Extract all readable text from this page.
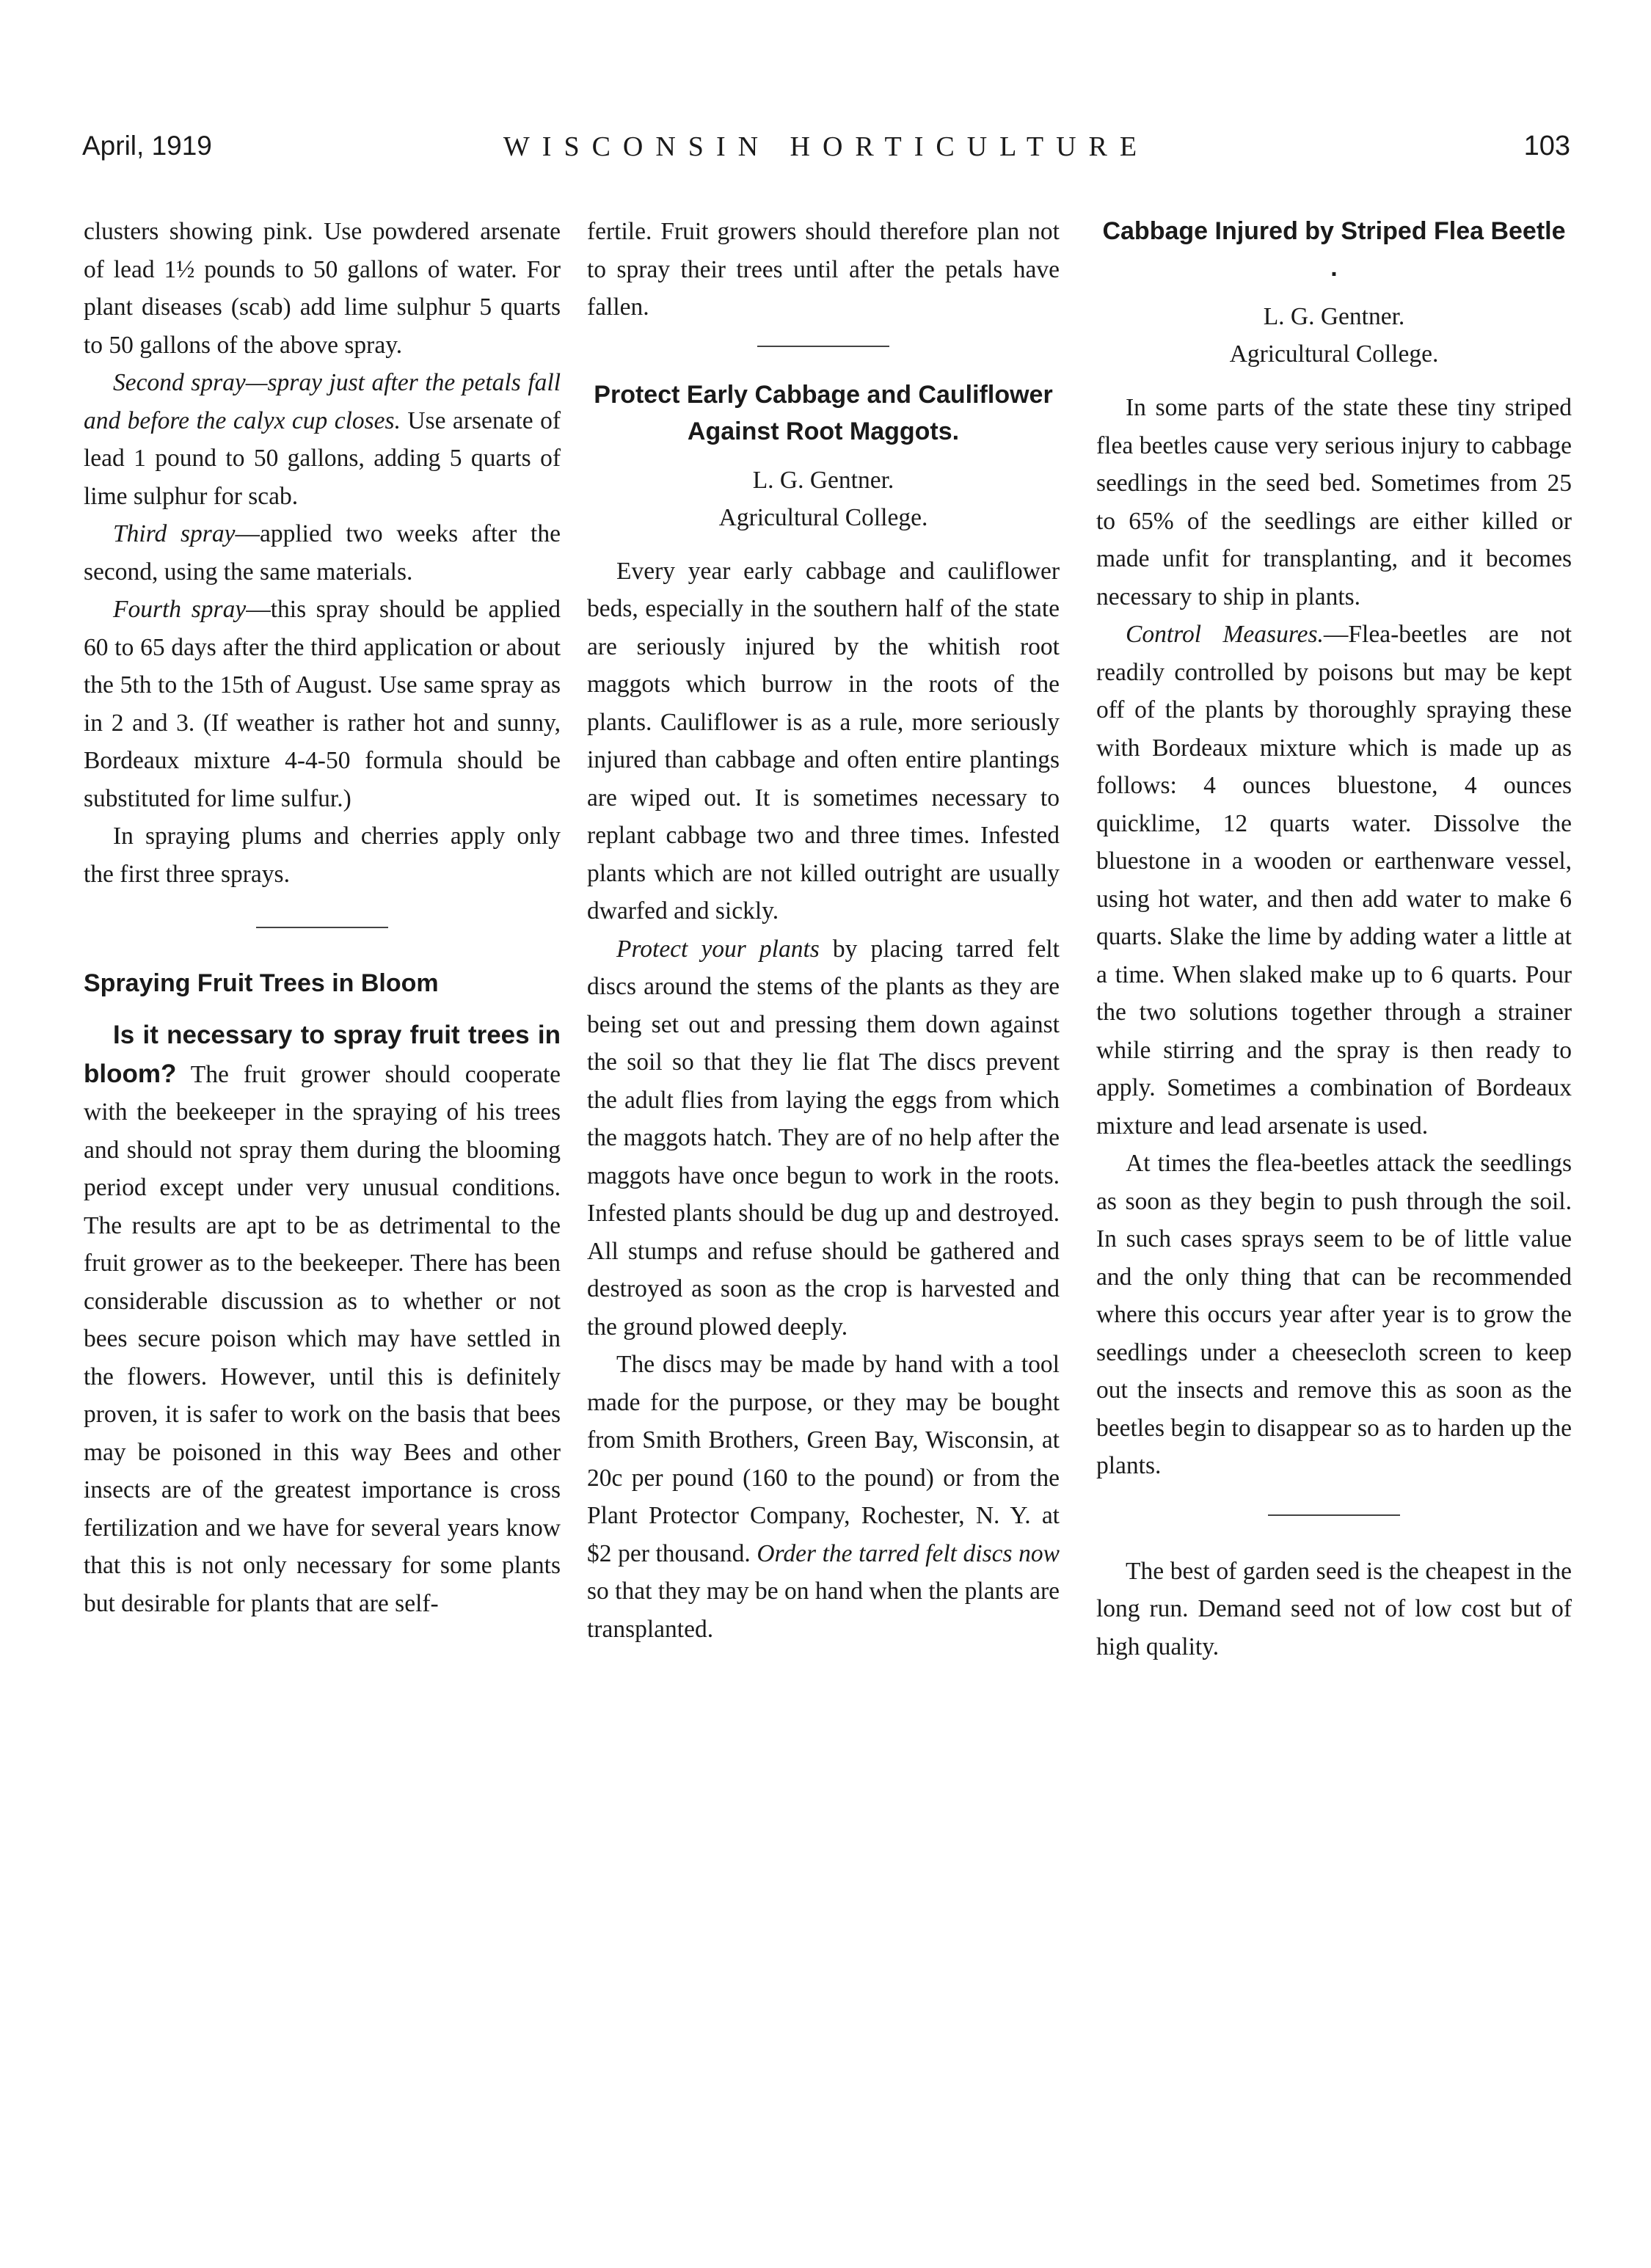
April, 1919	WISCONSIN HORTICULTURE	103

clusters showing pink. Use powdered arsenate of lead 1½ pounds to 50 gallons of water. For plant diseases (scab) add lime sulphur 5 quarts to 50 gallons of the above spray.

Second spray—spray just after the petals fall and before the calyx cup closes. Use arsenate of lead 1 pound to 50 gallons, adding 5 quarts of lime sulphur for scab.

Third spray—applied two weeks after the second, using the same materials.

Fourth spray—this spray should be applied 60 to 65 days after the third application or about the 5th to the 15th of August. Use same spray as in 2 and 3. (If weather is rather hot and sunny, Bordeaux mixture 4-4-50 formula should be substituted for lime sulfur.)

In spraying plums and cherries apply only the first three sprays.

Spraying Fruit Trees in Bloom

Is it necessary to spray fruit trees in bloom? The fruit grower should cooperate with the beekeeper in the spraying of his trees and should not spray them during the blooming period except under very unusual conditions. The results are apt to be as detrimental to the fruit grower as to the beekeeper. There has been considerable discussion as to whether or not bees secure poison which may have settled in the flowers. However, until this is definitely proven, it is safer to work on the basis that bees may be poisoned in this way Bees and other insects are of the greatest importance is cross fertilization and we have for several years know that this is not only necessary for some plants but desirable for plants that are self-

fertile. Fruit growers should therefore plan not to spray their trees until after the petals have fallen.

Protect Early Cabbage and Cauliflower Against Root Maggots.

L. G. Gentner.

Agricultural College.

Every year early cabbage and cauliflower beds, especially in the southern half of the state are seriously injured by the whitish root maggots which burrow in the roots of the plants. Cauliflower is as a rule, more seriously injured than cabbage and often entire plantings are wiped out. It is sometimes necessary to replant cabbage two and three times. Infested plants which are not killed outright are usually dwarfed and sickly.

Protect your plants by placing tarred felt discs around the stems of the plants as they are being set out and pressing them down against the soil so that they lie flat The discs prevent the adult flies from laying the eggs from which the maggots hatch. They are of no help after the maggots have once begun to work in the roots. Infested plants should be dug up and destroyed. All stumps and refuse should be gathered and destroyed as soon as the crop is harvested and the ground plowed deeply.

The discs may be made by hand with a tool made for the purpose, or they may be bought from Smith Brothers, Green Bay, Wisconsin, at 20c per pound (160 to the pound) or from the Plant Protector Company, Rochester, N. Y. at $2 per thousand. Order the tarred felt discs now so that they may be on hand when the plants are transplanted.

Cabbage Injured by Striped Flea Beetle .

L. G. Gentner.

Agricultural College.

In some parts of the state these tiny striped flea beetles cause very serious injury to cabbage seedlings in the seed bed. Sometimes from 25 to 65% of the seedlings are either killed or made unfit for transplanting, and it becomes necessary to ship in plants.

Control Measures.—Flea-beetles are not readily controlled by poisons but may be kept off of the plants by thoroughly spraying these with Bordeaux mixture which is made up as follows: 4 ounces bluestone, 4 ounces quicklime, 12 quarts water. Dissolve the bluestone in a wooden or earthenware vessel, using hot water, and then add water to make 6 quarts. Slake the lime by adding water a little at a time. When slaked make up to 6 quarts. Pour the two solutions together through a strainer while stirring and the spray is then ready to apply. Sometimes a combination of Bordeaux mixture and lead arsenate is used.

At times the flea-beetles attack the seedlings as soon as they begin to push through the soil. In such cases sprays seem to be of little value and the only thing that can be recommended where this occurs year after year is to grow the seedlings under a cheesecloth screen to keep out the insects and remove this as soon as the beetles begin to disappear so as to harden up the plants.

The best of garden seed is the cheapest in the long run. Demand seed not of low cost but of high quality.
